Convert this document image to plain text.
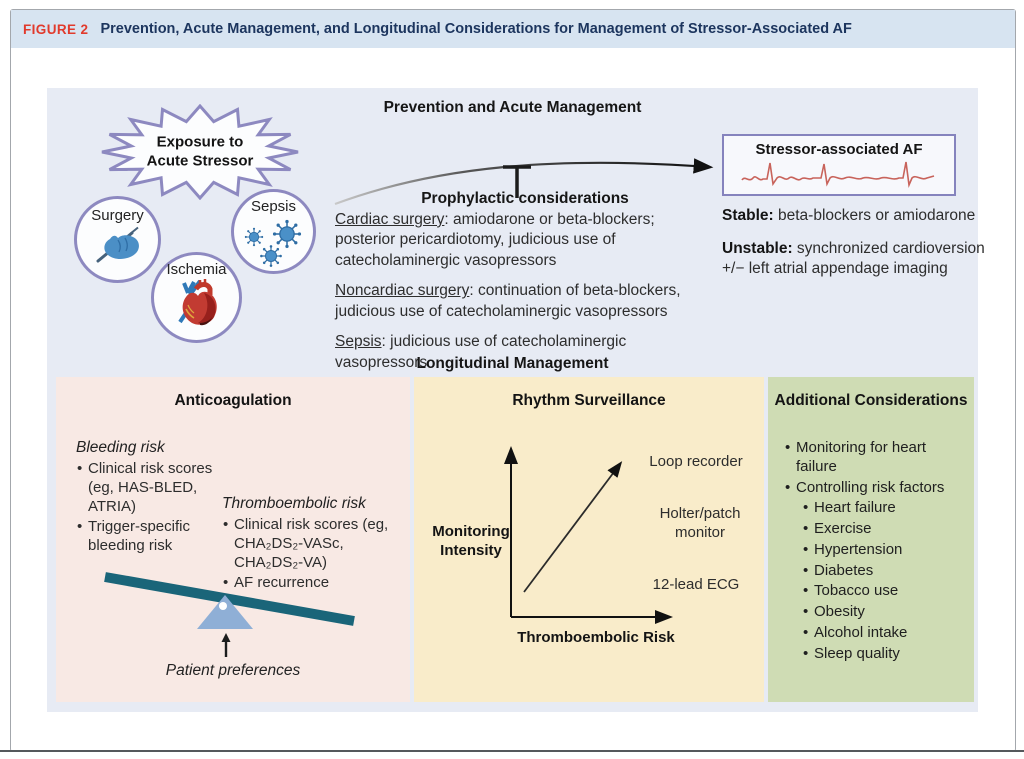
FIGURE 2 Prevention, Acute Management, and Longitudinal Considerations for Management of Stressor-Associated AF
Prevention and Acute Management
Exposure to
Acute Stressor
Surgery
Sepsis
Ischemia
Prophylactic considerations

Cardiac surgery: amiodarone or beta-blockers; posterior pericardiotomy, judicious use of catecholaminergic vasopressors

Noncardiac surgery: continuation of beta-blockers, judicious use of catecholaminergic vasopressors

Sepsis: judicious use of catecholaminergic vasopressors

Stressor-associated AF
Stable: beta-blockers or amiodarone
Unstable: synchronized cardioversion +/− left atrial appendage imaging
Longitudinal Management
Anticoagulation
Bleeding risk
• Clinical risk scores (eg, HAS-BLED, ATRIA)
• Trigger-specific bleeding risk
Thromboembolic risk
• Clinical risk scores (eg, CHA₂DS₂-VASc, CHA₂DS₂-VA)
• AF recurrence
Patient preferences
Rhythm Surveillance
Monitoring Intensity
Thromboembolic Risk
Loop recorder
Holter/patch monitor
12-lead ECG
Additional Considerations
• Monitoring for heart failure
• Controlling risk factors
• Heart failure
• Exercise
• Hypertension
• Diabetes
• Tobacco use
• Obesity
• Alcohol intake
• Sleep quality
